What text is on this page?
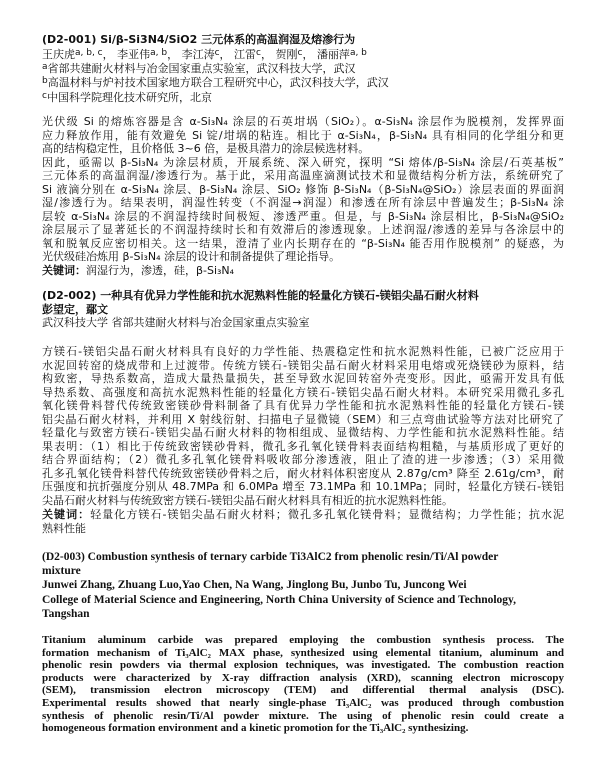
(D2-001) Si/β-Si3N4/SiO2 三元体系的高温润湿及熔渗行为
王庆虎$^{a, b, c}$， 李亚伟$^{a, b}$， 李江涛$^c$， 江雷$^c$， 贺刚$^c$， 潘丽萍$^{a, b}$
$^a$省部共建耐火材料与冶金国家重点实验室，武汉科技大学，武汉
$^b$高温材料与炉衬技术国家地方联合工程研究中心，武汉科技大学，武汉
$^c$中国科学院理化技术研究所，北京
光伏级 Si 的熔炼容器是含 α-Si₃N₄ 涂层的石英坩埚（SiO₂）。α-Si₃N₄ 涂层作为脱模剂，发挥界面
应力释放作用，能有效避免 Si 锭/坩埚的粘连。相比于 α-Si₃N₄，β-Si₃N₄ 具有相同的化学组分和更
高的结构稳定性，且价格低 3~6 倍，是极具潜力的涂层候选材料。
因此，亟需以 β-Si₃N₄ 为涂层材质，开展系统、深入研究，探明 “Si 熔体/β-Si₃N₄ 涂层/石英基板”
三元体系的高温润湿/渗透行为。基于此，采用高温座滴测试技术和显微结构分析方法，系统研究了
Si 液滴分别在 α-Si₃N₄ 涂层、β-Si₃N₄ 涂层、SiO₂ 修饰 β-Si₃N₄（β-Si₃N₄@SiO₂）涂层表面的界面润
湿/渗透行为。结果表明，润湿性转变（不润湿→润湿）和渗透在所有涂层中普遍发生；β-Si₃N₄ 涂
层较 α-Si₃N₄ 涂层的不润湿持续时间极短、渗透严重。但是，与 β-Si₃N₄ 涂层相比，β-Si₃N₄@SiO₂
涂层展示了显著延长的不润湿持续时长和有效滞后的渗透现象。上述润湿/渗透的差异与各涂层中的
氧和脱氧反应密切相关。这一结果，澄清了业内长期存在的 “β-Si₃N₄ 能否用作脱模剂” 的疑惑，为
光伏级硅冶炼用 β-Si₃N₄ 涂层的设计和制备提供了理论指导。
关键词：润湿行为，渗透，硅，β-Si₃N₄
(D2-002) 一种具有优异力学性能和抗水泥熟料性能的轻量化方镁石-镁铝尖晶石耐火材料
彭望定，鄢文
武汉科技大学 省部共建耐火材料与冶金国家重点实验室
方镁石-镁铝尖晶石耐火材料具有良好的力学性能、热震稳定性和抗水泥熟料性能，已被广泛应用于
水泥回转窑的烧成带和上过渡带。传统方镁石-镁铝尖晶石耐火材料采用电熔或死烧镁砂为原料，结
构致密，导热系数高，造成大量热量损失，甚至导致水泥回转窑外壳变形。因此，亟需开发具有低
导热系数、高强度和高抗水泥熟料性能的轻量化方镁石-镁铝尖晶石耐火材料。本研究采用微孔多孔
氧化镁骨料替代传统致密镁砂骨料制备了具有优异力学性能和抗水泥熟料性能的轻量化方镁石-镁
铝尖晶石耐火材料，并利用 X 射线衍射、扫描电子显微镜（SEM）和三点弯曲试验等方法对比研究了
轻量化与致密方镁石-镁铝尖晶石耐火材料的物相组成、显微结构、力学性能和抗水泥熟料性能。结
果表明：（1）相比于传统致密镁砂骨料，微孔多孔氧化镁骨料表面结构粗糙，与基质形成了更好的
结合界面结构；（2）微孔多孔氧化镁骨料吸收部分渗透液，阻止了渣的进一步渗透；（3）采用微
孔多孔氧化镁骨料替代传统致密镁砂骨料之后，耐火材料体积密度从 2.87g/cm³ 降至 2.61g/cm³，耐
压强度和抗折强度分别从 48.7MPa 和 6.0MPa 增至 73.1MPa 和 10.1MPa；同时，轻量化方镁石-镁铝
尖晶石耐火材料与传统致密方镁石-镁铝尖晶石耐火材料具有相近的抗水泥熟料性能。
关键词：轻量化方镁石-镁铝尖晶石耐火材料；微孔多孔氧化镁骨料；显微结构；力学性能；抗水泥
熟料性能
(D2-003) Combustion synthesis of ternary carbide Ti3AlC2 from phenolic resin/Ti/Al powder
mixture
Junwei Zhang, Zhuang Luo,Yao Chen, Na Wang, Jinglong Bu, Junbo Tu, Juncong Wei
College of Material Science and Engineering, North China University of Science and Technology,
Tangshan
Titanium aluminum carbide was prepared employing the combustion synthesis process. The
formation mechanism of Ti₃AlC₂ MAX phase, synthesized using elemental titanium, aluminum and
phenolic resin powders via thermal explosion techniques, was investigated. The combustion reaction
products were characterized by X-ray diffraction analysis (XRD), scanning electron microscopy
(SEM), transmission electron microscopy (TEM) and differential thermal analysis (DSC).
Experimental results showed that nearly single-phase Ti₃AlC₂ was produced through combustion
synthesis of phenolic resin/Ti/Al powder mixture. The using of phenolic resin could create a
homogeneous formation environment and a kinetic promotion for the Ti₃AlC₂ synthesizing.
